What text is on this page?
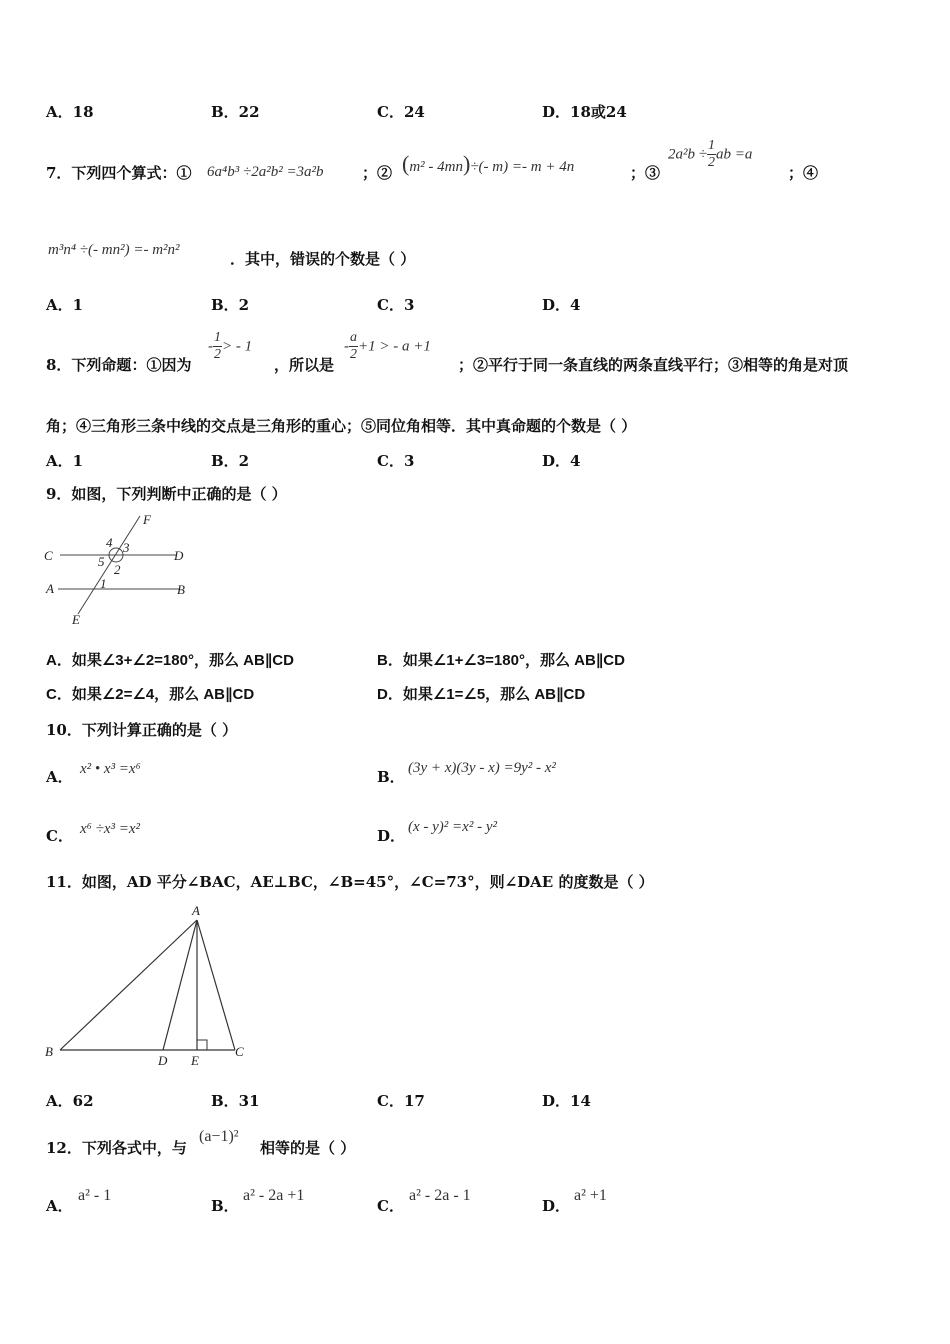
A．18	B．22	C．24	D．18或24
7．下列四个算式：① 6a⁴b³ ÷2a²b² =3a²b	；② (m² - 4mn)÷(- m) =- m + 4n	；③
$2a^2b \div \frac{1}{2}$ ab =a
；④
m³n⁴ ÷(- mn²) =- m²n²	．其中，错误的个数是（ ）
A．1	B．2	C．3	D．4
8．下列命题：①因为
- $\frac{1}{2}$ > - 1
，所以是
- $\frac{a}{2} +1$ > - a +1
；②平行于同一条直线的两条直线平行；③相等的角是对顶
角；④三角形三条中线的交点是三角形的重心；⑤同位角相等．其中真命题的个数是（ ）
A．1	B．2	C．3	D．4
9．如图，下列判断中正确的是（ ）
F
4 3
C	D
5
2
1
A	B
E
A．如果∠3+∠2=180°，那么 AB∥CD	B．如果∠1+∠3=180°，那么 AB∥CD
C．如果∠2=∠4，那么 AB∥CD	D．如果∠1=∠5，那么 AB∥CD
10．下列计算正确的是（ ）
A． x² • x³ =x⁶	B． (3y + x)(3y - x) =9y² - x²
C． x⁶ ÷x³ =x²	D． (x - y)² =x² - y²
11．如图，AD 平分∠BAC，AE⊥BC，∠B=45°，∠C=73°，则∠DAE 的度数是（ ）
A
B
D E
C
A．62	B．31	C．17	D．14
12．下列各式中，与
(a−1)²
相等的是（ ）
A．
a² - 1
B．
a² - 2a +1
C．
a² - 2a - 1
D．
a² +1
